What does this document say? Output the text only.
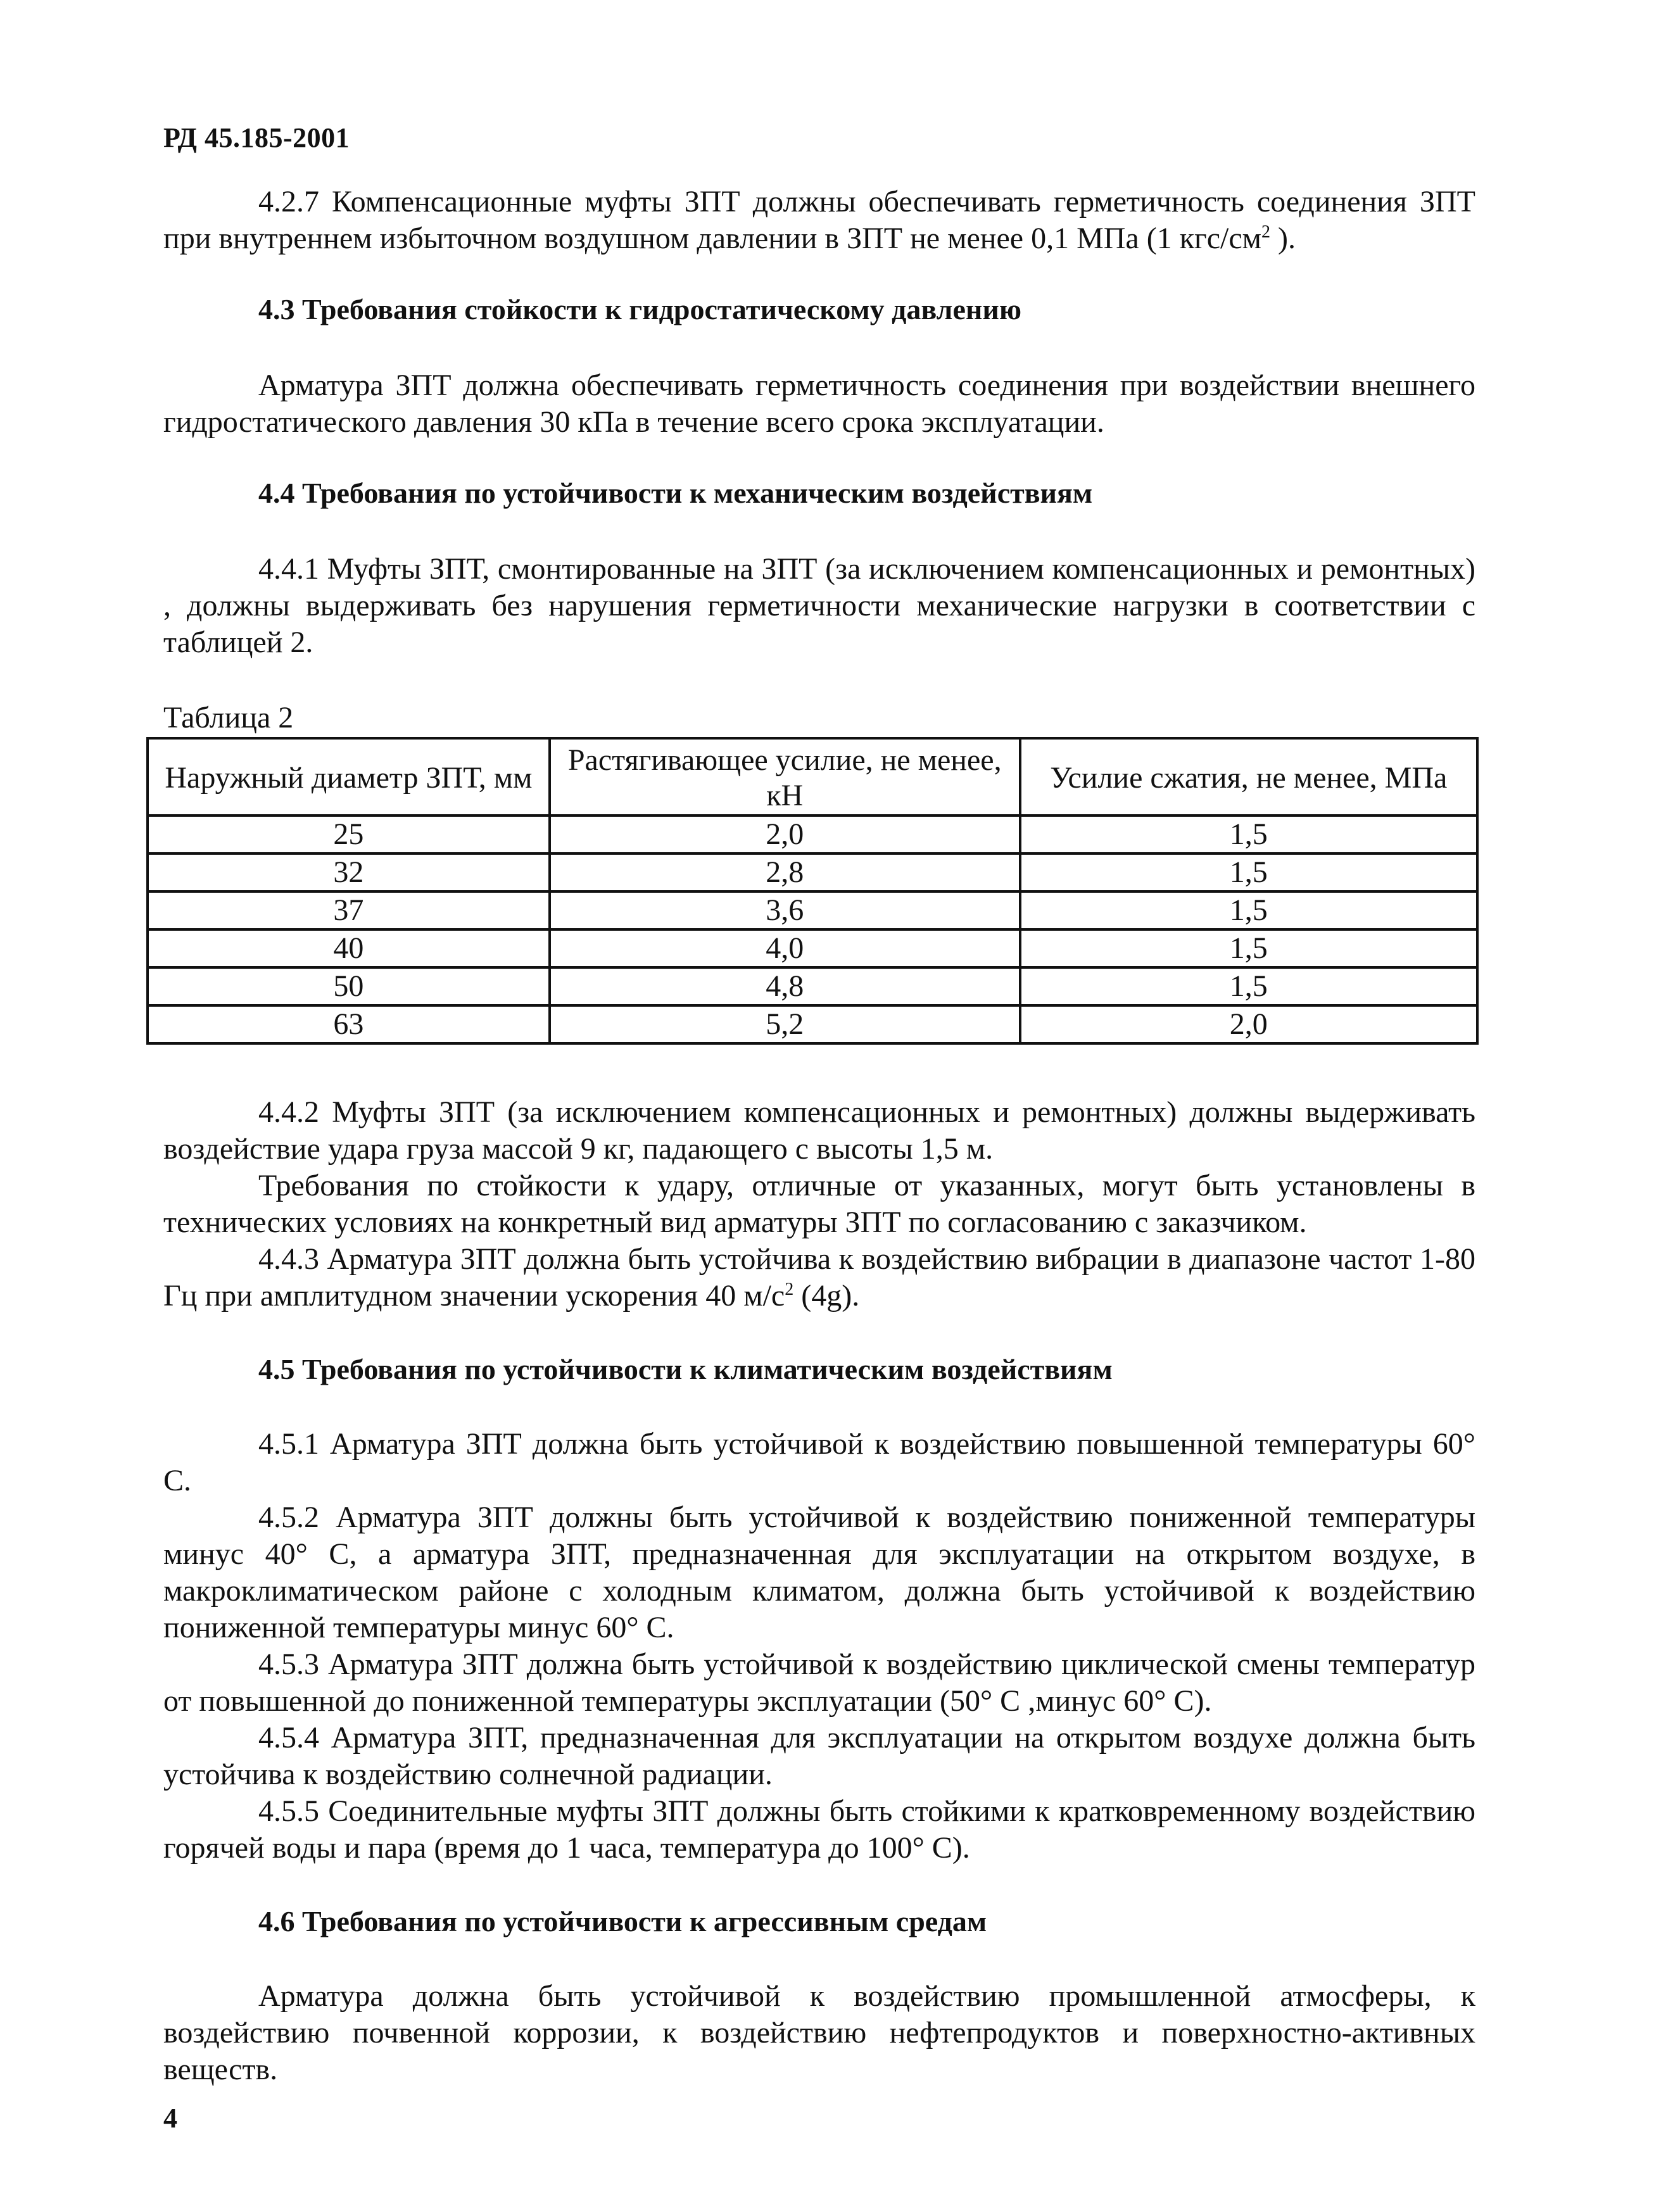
РД 45.185-2001
4.2.7 Компенсационные муфты ЗПТ должны обеспечивать герметичность соединения ЗПТ при внутреннем избыточном воздушном давлении в ЗПТ не менее 0,1 МПа (1 кгс/$см^2$ ).
4.3 Требования стойкости к гидростатическому давлению
Арматура ЗПТ должна обеспечивать герметичность соединения при воздействии внешнего гидростатического давления 30 кПа в течение всего срока эксплуатации.
4.4 Требования по устойчивости к механическим воздействиям
4.4.1 Муфты ЗПТ, смонтированные на ЗПТ (за исключением компенсационных и ремонтных) , должны выдерживать без нарушения герметичности механические нагрузки в соответствии с таблицей 2.
Таблица 2
Наружный диаметр ЗПТ, мм	Растягивающее усилие, не менее, кН	Усилие сжатия, не менее, МПа
25	2,0	1,5
32	2,8	1,5
37	3,6	1,5
40	4,0	1,5
50	4,8	1,5
63	5,2	2,0
4.4.2 Муфты ЗПТ (за исключением компенсационных и ремонтных) должны выдерживать воздействие удара груза массой 9 кг, падающего с высоты 1,5 м.
Требования по стойкости к удару, отличные от указанных, могут быть установлены в технических условиях на конкретный вид арматуры ЗПТ по согласованию с заказчиком.
4.4.3 Арматура ЗПТ должна быть устойчива к воздействию вибрации в диапазоне частот 1-80 Гц при амплитудном значении ускорения 40 $м/с^2$ (4g).
4.5 Требования по устойчивости к климатическим воздействиям
4.5.1 Арматура ЗПТ должна быть устойчивой к воздействию повышенной температуры 60° С.
4.5.2 Арматура ЗПТ должны быть устойчивой к воздействию пониженной температуры минус 40° С, а арматура ЗПТ, предназначенная для эксплуатации на открытом воздухе, в макроклиматическом районе с холодным климатом, должна быть устойчивой к воздействию пониженной температуры минус 60° С.
4.5.3 Арматура ЗПТ должна быть устойчивой к воздействию циклической смены температур от повышенной до пониженной температуры эксплуатации (50° С ,минус 60° С).
4.5.4 Арматура ЗПТ, предназначенная для эксплуатации на открытом воздухе должна быть устойчива к воздействию солнечной радиации.
4.5.5 Соединительные муфты ЗПТ должны быть стойкими к кратковременному воздействию горячей воды и пара (время до 1 часа, температура до 100° С).
4.6 Требования по устойчивости к агрессивным средам
Арматура должна быть устойчивой к воздействию промышленной атмосферы, к воздействию почвенной коррозии, к воздействию нефтепродуктов и поверхностно-активных веществ.
4
